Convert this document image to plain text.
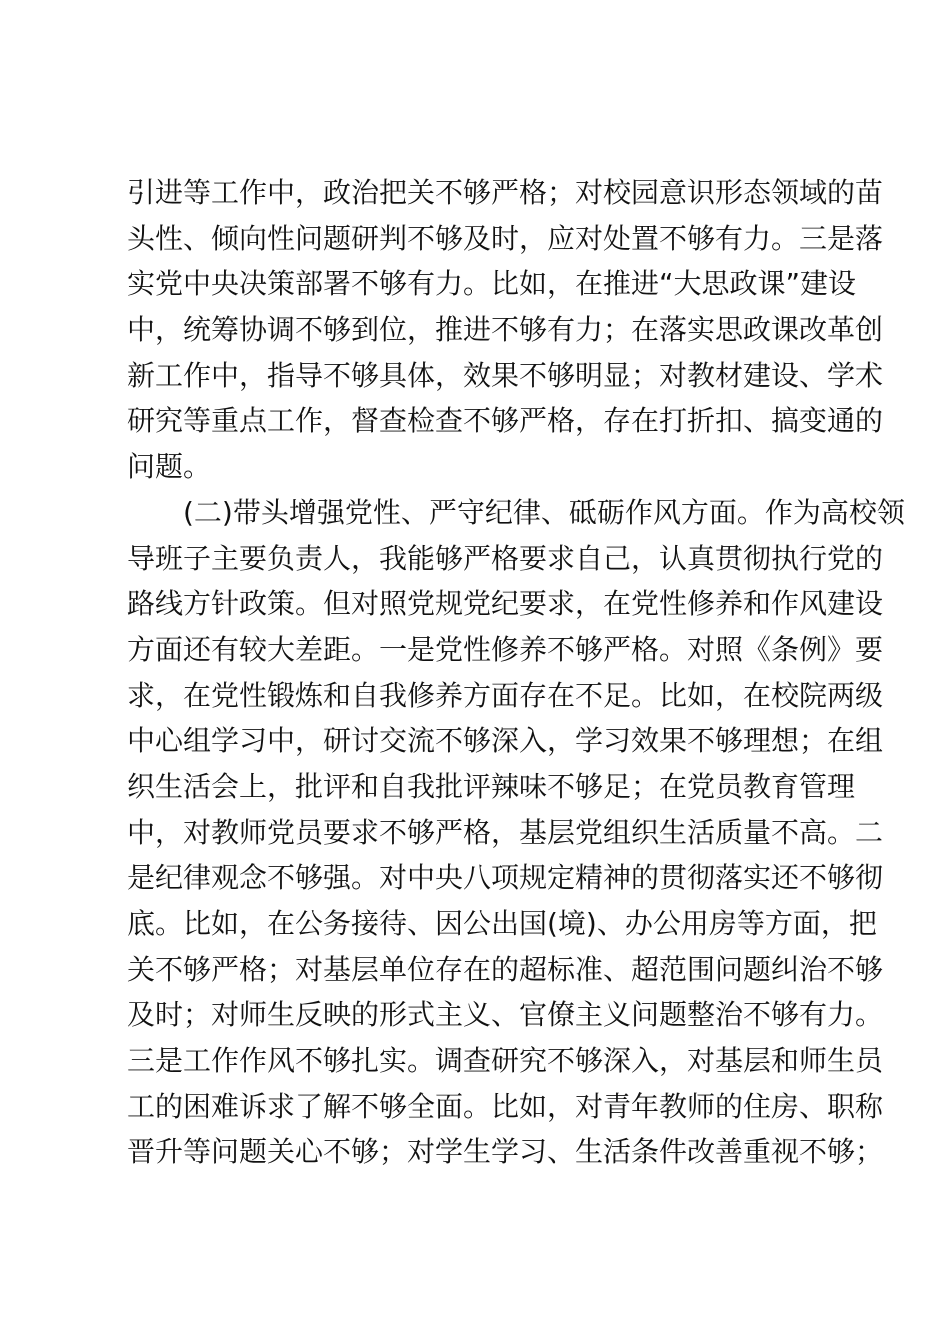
引进等工作中，政治把关不够严格；对校园意识形态领域的苗
头性、倾向性问题研判不够及时，应对处置不够有力。三是落
实党中央决策部署不够有力。比如，在推进“大思政课”建设
中，统筹协调不够到位，推进不够有力；在落实思政课改革创
新工作中，指导不够具体，效果不够明显；对教材建设、学术
研究等重点工作，督查检查不够严格，存在打折扣、搞变通的
问题。
(二)带头增强党性、严守纪律、砥砺作风方面。作为高校领
导班子主要负责人，我能够严格要求自己，认真贯彻执行党的
路线方针政策。但对照党规党纪要求，在党性修养和作风建设
方面还有较大差距。一是党性修养不够严格。对照《条例》要
求，在党性锻炼和自我修养方面存在不足。比如，在校院两级
中心组学习中，研讨交流不够深入，学习效果不够理想；在组
织生活会上，批评和自我批评辣味不够足；在党员教育管理
中，对教师党员要求不够严格，基层党组织生活质量不高。二
是纪律观念不够强。对中央八项规定精神的贯彻落实还不够彻
底。比如，在公务接待、因公出国(境)、办公用房等方面，把
关不够严格；对基层单位存在的超标准、超范围问题纠治不够
及时；对师生反映的形式主义、官僚主义问题整治不够有力。
三是工作作风不够扎实。调查研究不够深入，对基层和师生员
工的困难诉求了解不够全面。比如，对青年教师的住房、职称
晋升等问题关心不够；对学生学习、生活条件改善重视不够；
